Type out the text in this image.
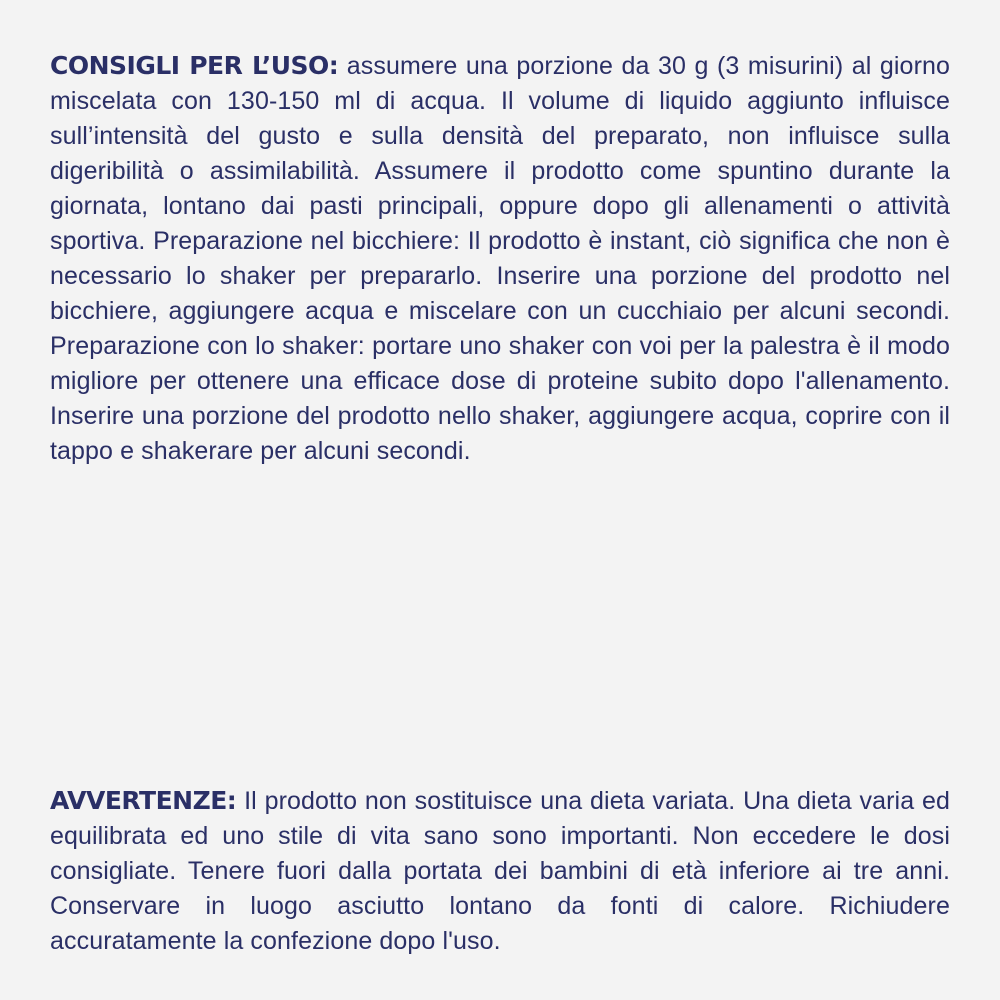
CONSIGLI PER L’USO: assumere una porzione da 30 g (3 misurini) al giorno miscelata con 130-150 ml di acqua. Il volume di liquido aggiunto influisce sull’intensità del gusto e sulla densità del preparato, non influisce sulla digeribilità o assimilabilità. Assumere il prodotto come spuntino durante la giornata, lontano dai pasti principali, oppure dopo gli allenamenti o attività sportiva. Preparazione nel bicchiere: Il prodotto è instant, ciò significa che non è necessario lo shaker per prepararlo. Inserire una porzione del prodotto nel bicchiere, aggiungere acqua e miscelare con un cucchiaio per alcuni secondi. Preparazione con lo shaker: portare uno shaker con voi per la palestra è il modo migliore per ottenere una efficace dose di proteine subito dopo l'allenamento. Inserire una porzione del prodotto nello shaker, aggiungere acqua, coprire con il tappo e shakerare per alcuni secondi.

AVVERTENZE: Il prodotto non sostituisce una dieta variata. Una dieta varia ed equilibrata ed uno stile di vita sano sono importanti. Non eccedere le dosi consigliate. Tenere fuori dalla portata dei bambini di età inferiore ai tre anni. Conservare in luogo asciutto lontano da fonti di calore. Richiudere accuratamente la confezione dopo l'uso.
